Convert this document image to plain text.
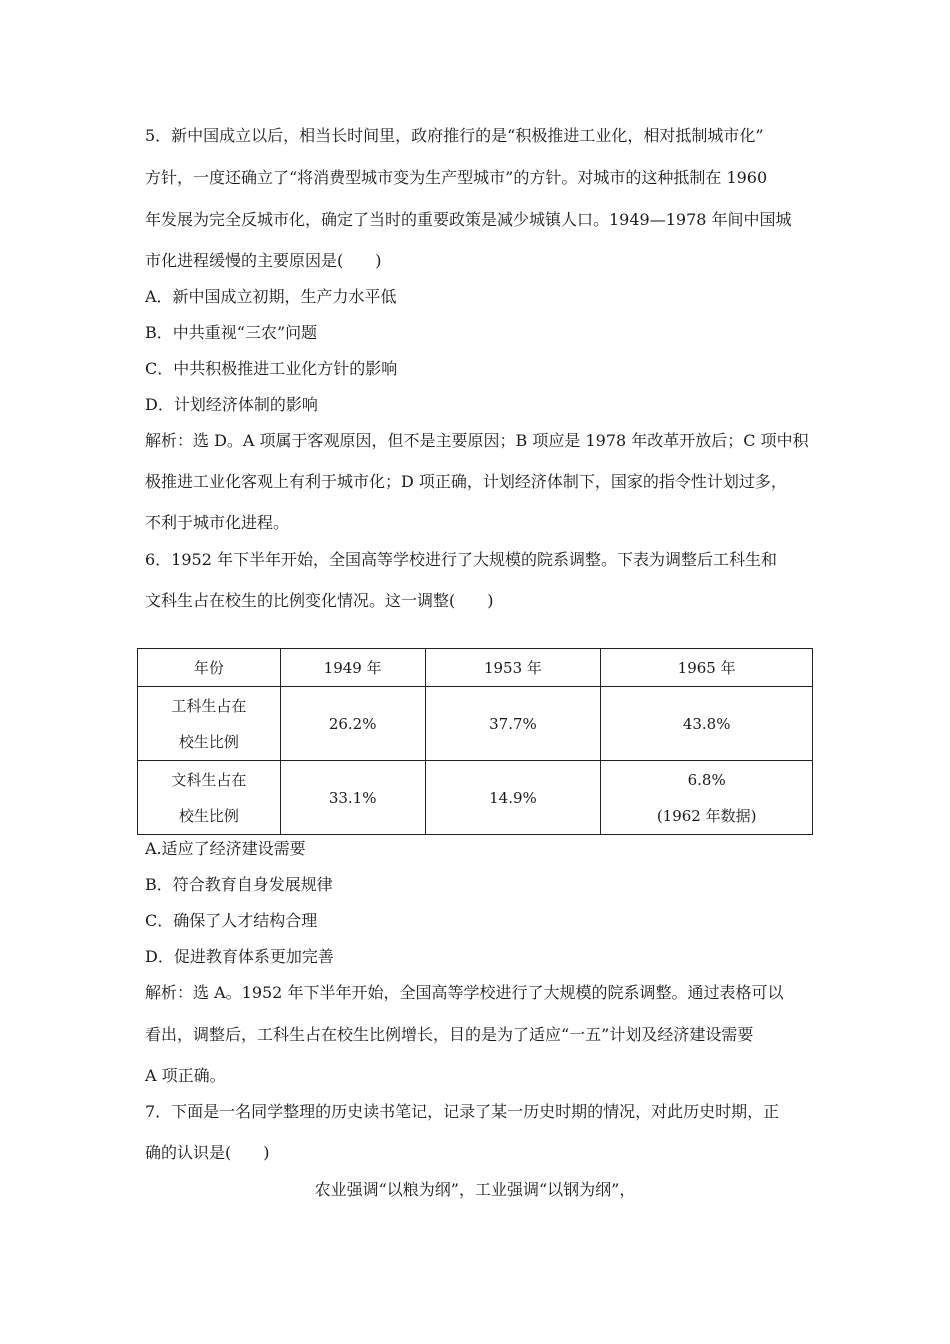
5．新中国成立以后，相当长时间里，政府推行的是“积极推进工业化，相对抵制城市化”
方针，一度还确立了“将消费型城市变为生产型城市”的方针。对城市的这种抵制在 1960
年发展为完全反城市化，确定了当时的重要政策是减少城镇人口。1949—1978 年间中国城
市化进程缓慢的主要原因是(　　)
A．新中国成立初期，生产力水平低
B．中共重视“三农”问题
C．中共积极推进工业化方针的影响
D．计划经济体制的影响
解析：选 D。A 项属于客观原因，但不是主要原因；B 项应是 1978 年改革开放后；C 项中积
极推进工业化客观上有利于城市化；D 项正确，计划经济体制下，国家的指令性计划过多，
不利于城市化进程。
6．1952 年下半年开始，全国高等学校进行了大规模的院系调整。下表为调整后工科生和
文科生占在校生的比例变化情况。这一调整(　　)
年份	1949 年	1953 年	1965 年

工科生占在
校生比例	26.2%	37.7%	43.8%

文科生占在
校生比例	33.1%	14.9%	6.8%
(1962 年数据)
A.适应了经济建设需要
B．符合教育自身发展规律
C．确保了人才结构合理
D．促进教育体系更加完善
解析：选 A。1952 年下半年开始，全国高等学校进行了大规模的院系调整。通过表格可以
看出，调整后，工科生占在校生比例增长，目的是为了适应“一五”计划及经济建设需要
A 项正确。
7．下面是一名同学整理的历史读书笔记，记录了某一历史时期的情况，对此历史时期，正
确的认识是(　　)
农业强调“以粮为纲”，工业强调“以钢为纲”，
